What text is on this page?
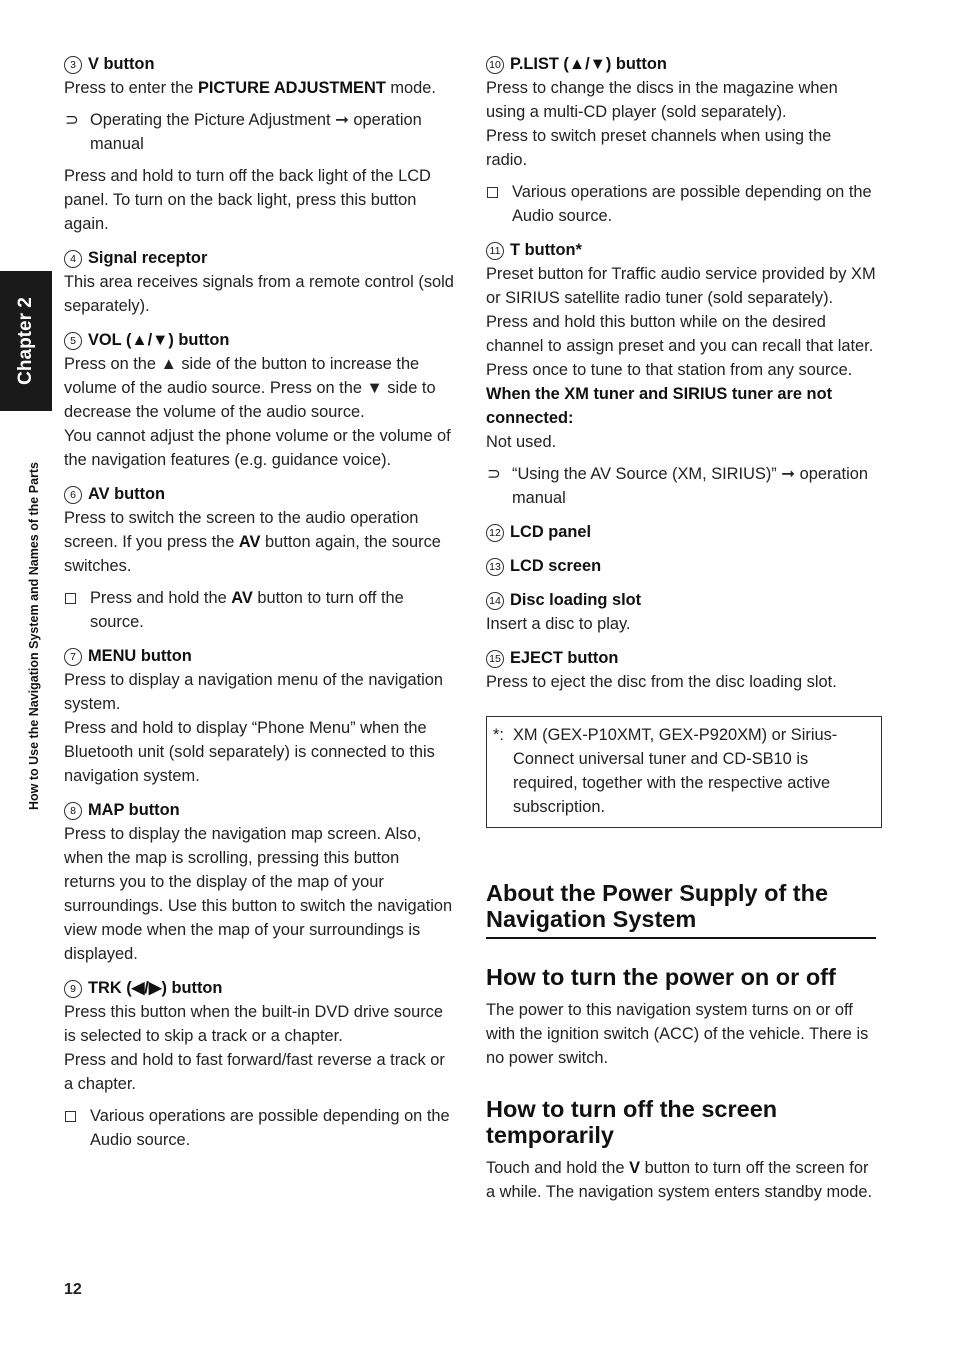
Chapter 2
How to Use the Navigation System and Names of the Parts
3 V button
Press to enter the PICTURE ADJUSTMENT mode.
⊃ Operating the Picture Adjustment ➞ operation manual
Press and hold to turn off the back light of the LCD panel. To turn on the back light, press this button again.
4 Signal receptor
This area receives signals from a remote control (sold separately).
5 VOL (▲/▼) button
Press on the ▲ side of the button to increase the volume of the audio source. Press on the ▼ side to decrease the volume of the audio source.
You cannot adjust the phone volume or the volume of the navigation features (e.g. guidance voice).
6 AV button
Press to switch the screen to the audio operation screen. If you press the AV button again, the source switches.
Press and hold the AV button to turn off the source.
7 MENU button
Press to display a navigation menu of the navigation system.
Press and hold to display “Phone Menu” when the Bluetooth unit (sold separately) is connected to this navigation system.
8 MAP button
Press to display the navigation map screen. Also, when the map is scrolling, pressing this button returns you to the display of the map of your surroundings. Use this button to switch the navigation view mode when the map of your surroundings is displayed.
9 TRK (◀/▶) button
Press this button when the built-in DVD drive source is selected to skip a track or a chapter.
Press and hold to fast forward/fast reverse a track or a chapter.
Various operations are possible depending on the Audio source.
10 P.LIST (▲/▼) button
Press to change the discs in the magazine when using a multi-CD player (sold separately).
Press to switch preset channels when using the radio.
Various operations are possible depending on the Audio source.
11 T button*
Preset button for Traffic audio service provided by XM or SIRIUS satellite radio tuner (sold separately). Press and hold this button while on the desired channel to assign preset and you can recall that later. Press once to tune to that station from any source.
When the XM tuner and SIRIUS tuner are not connected:
Not used.
⊃ “Using the AV Source (XM, SIRIUS)” ➞ operation manual
12 LCD panel
13 LCD screen
14 Disc loading slot
Insert a disc to play.
15 EJECT button
Press to eject the disc from the disc loading slot.
*: XM (GEX-P10XMT, GEX-P920XM) or Sirius-Connect universal tuner and CD-SB10 is required, together with the respective active subscription.
About the Power Supply of the Navigation System
How to turn the power on or off
The power to this navigation system turns on or off with the ignition switch (ACC) of the vehicle. There is no power switch.
How to turn off the screen temporarily
Touch and hold the V button to turn off the screen for a while. The navigation system enters standby mode.
12
